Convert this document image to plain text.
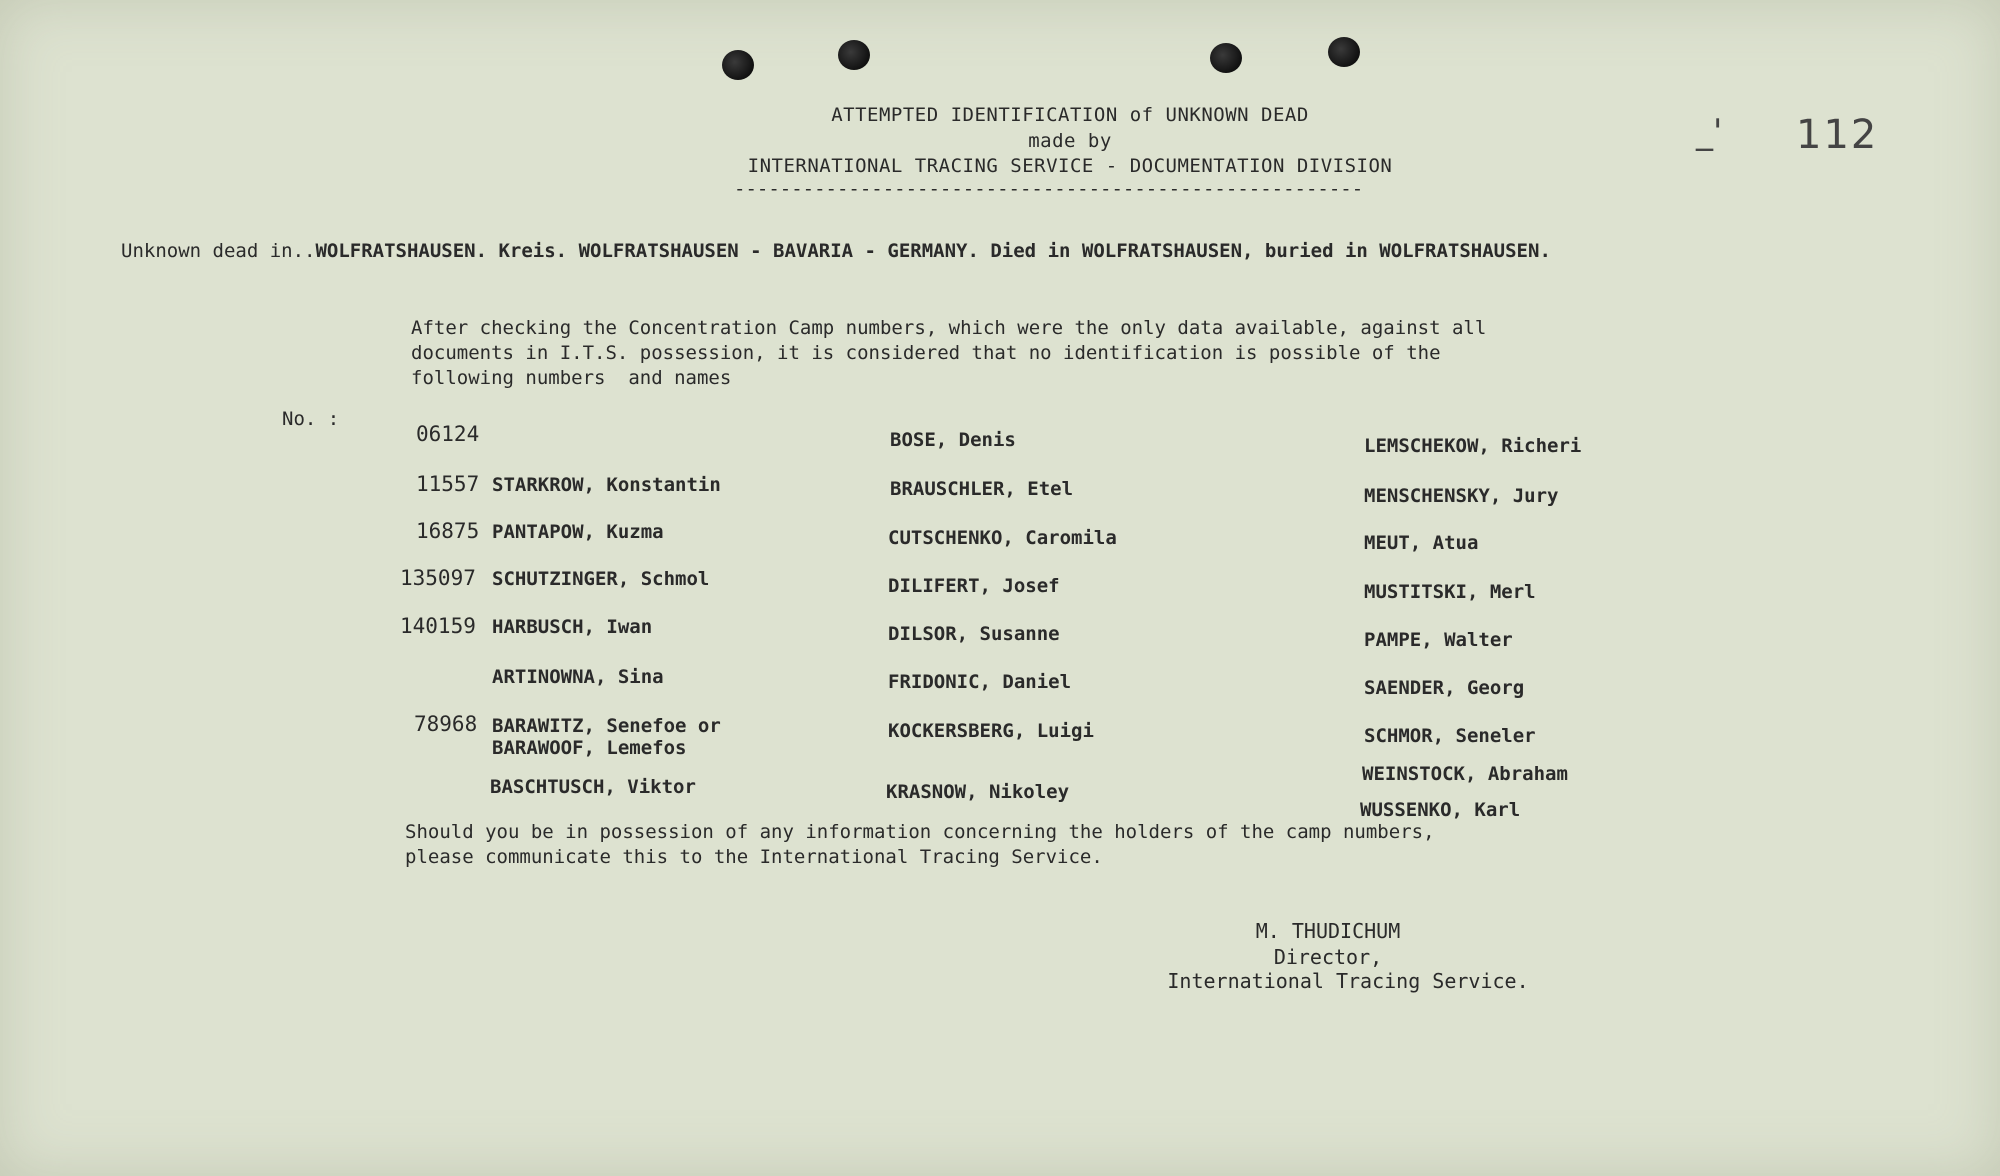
ATTEMPTED IDENTIFICATION of UNKNOWN DEAD
made by
INTERNATIONAL TRACING SERVICE - DOCUMENTATION DIVISION
-------------------------------------------------------
_' 112
Unknown dead in..WOLFRATSHAUSEN. Kreis. WOLFRATSHAUSEN - BAVARIA - GERMANY. Died in WOLFRATSHAUSEN, buried in WOLFRATSHAUSEN.
After checking the Concentration Camp numbers, which were the only data available, against all
documents in I.T.S. possession, it is considered that no identification is possible of the
following numbers  and names
No. :
06124
11557 STARKROW, Konstantin
16875 PANTAPOW, Kuzma
135097 SCHUTZINGER, Schmol
140159 HARBUSCH, Iwan
ARTINOWNA, Sina
78968 BARAWITZ, Senefoe or
BARAWOOF, Lemefos
BASCHTUSCH, Viktor
BOSE, Denis
BRAUSCHLER, Etel
CUTSCHENKO, Caromila
DILIFERT, Josef
DILSOR, Susanne
FRIDONIC, Daniel
KOCKERSBERG, Luigi
KRASNOW, Nikoley
LEMSCHEKOW, Richeri
MENSCHENSKY, Jury
MEUT, Atua
MUSTITSKI, Merl
PAMPE, Walter
SAENDER, Georg
SCHMOR, Seneler
WEINSTOCK, Abraham
WUSSENKO, Karl
Should you be in possession of any information concerning the holders of the camp numbers,
please communicate this to the International Tracing Service.
M. THUDICHUM
Director,
International Tracing Service.
